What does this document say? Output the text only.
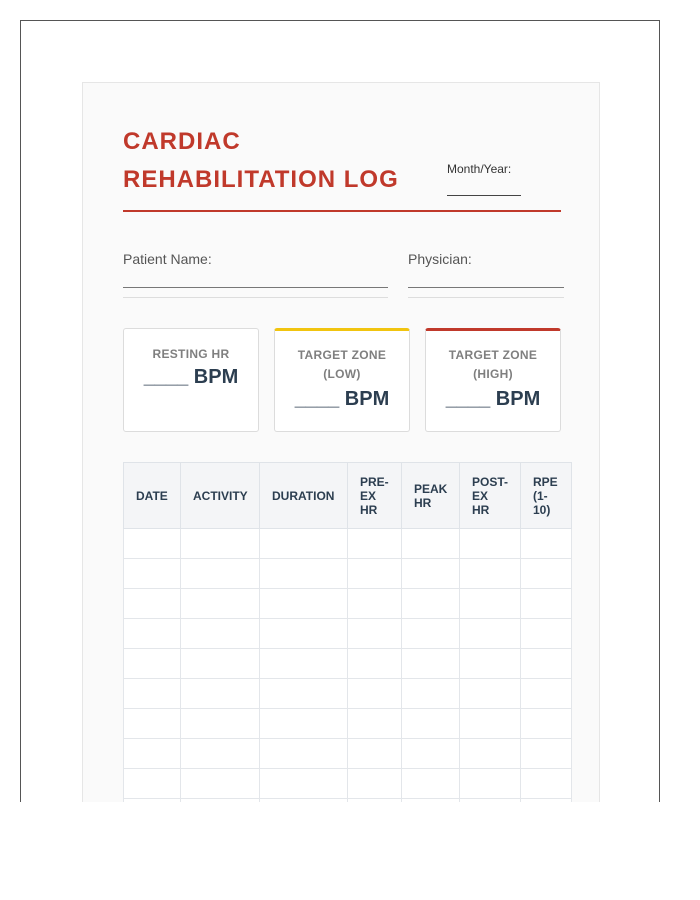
CARDIAC
REHABILITATION LOG	Month/Year:
Patient Name:	Physician:
RESTING HR
____ BPM
TARGET ZONE (LOW)
____ BPM
TARGET ZONE (HIGH)
____ BPM
DATE	ACTIVITY	DURATION	PRE-EX HR	PEAK HR	POST-EX HR	RPE (1-10)
